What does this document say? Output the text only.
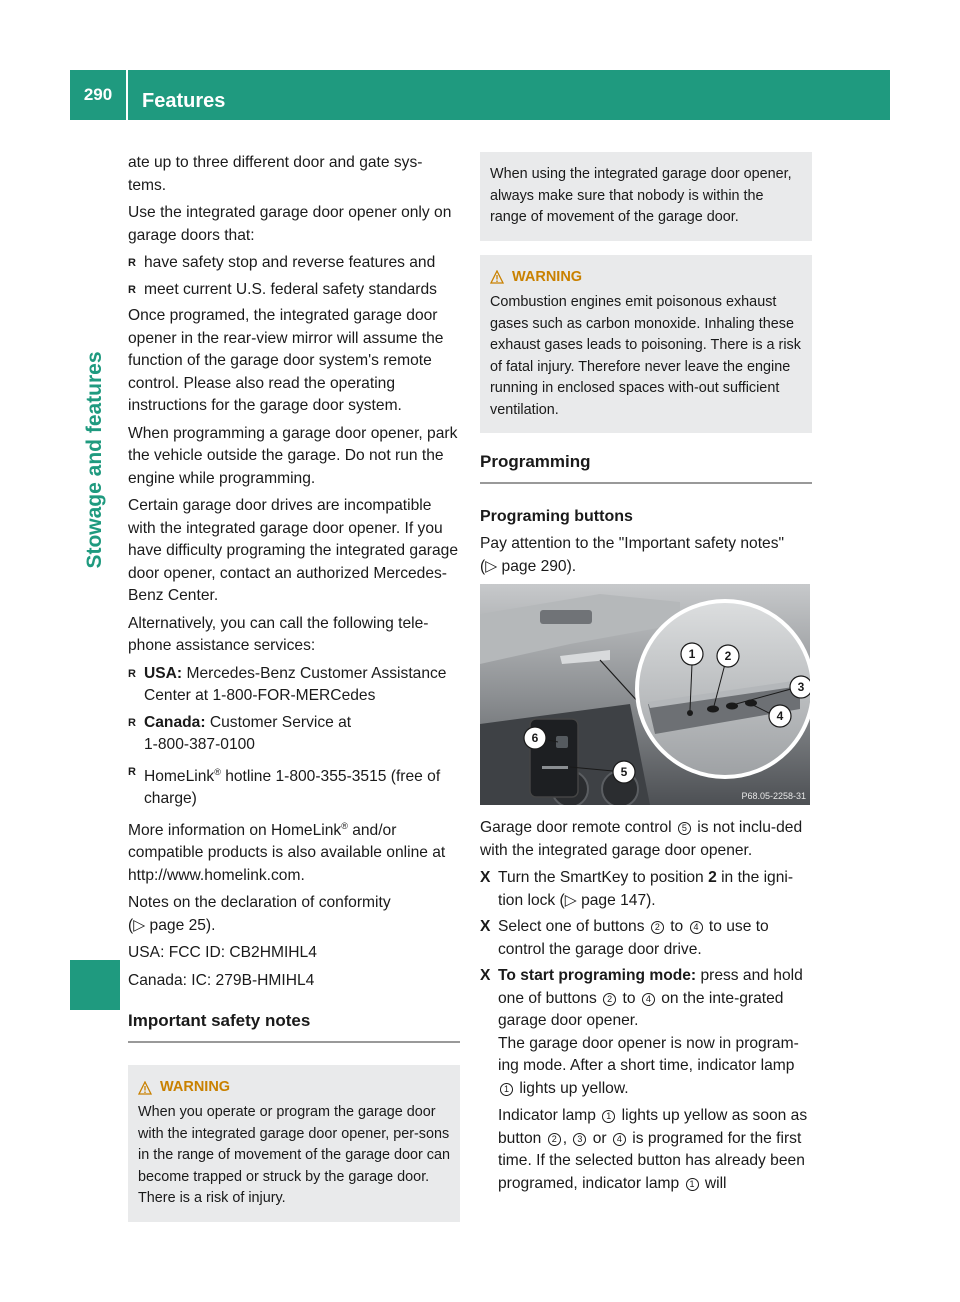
290	Features
Stowage and features

ate up to three different door and gate sys-tems.

Use the integrated garage door opener only on garage doors that:

R have safety stop and reverse features and
R meet current U.S. federal safety standards

Once programed, the integrated garage door opener in the rear-view mirror will assume the function of the garage door system's remote control. Please also read the operating instructions for the garage door system.

When programming a garage door opener, park the vehicle outside the garage. Do not run the engine while programming.

Certain garage door drives are incompatible with the integrated garage door opener. If you have difficulty programing the integrated garage door opener, contact an authorized Mercedes-Benz Center.

Alternatively, you can call the following tele-phone assistance services:

R USA: Mercedes-Benz Customer Assistance Center at 1-800-FOR-MERCedes
R Canada: Customer Service at
1-800-387-0100
R HomeLink® hotline 1-800-355-3515 (free of charge)

More information on HomeLink® and/or compatible products is also available online at http://www.homelink.com.

Notes on the declaration of conformity
(▷ page 25).

USA: FCC ID: CB2HMIHL4

Canada: IC: 279B-HMIHL4

Important safety notes
WARNING
When you operate or program the garage door with the integrated garage door opener, per-sons in the range of movement of the garage door can become trapped or struck by the garage door. There is a risk of injury.
When using the integrated garage door opener, always make sure that nobody is within the range of movement of the garage door.
WARNING
Combustion engines emit poisonous exhaust gases such as carbon monoxide. Inhaling these exhaust gases leads to poisoning. There is a risk of fatal injury. Therefore never leave the engine running in enclosed spaces with-out sufficient ventilation.
Programming
Programing buttons

Pay attention to the "Important safety notes"
(▷ page 290).

1 2
3
4
5
6
P68.05-2258-31

Garage door remote control 5 is not inclu-ded with the integrated garage door opener.

X Turn the SmartKey to position 2 in the igni-tion lock (▷ page 147).
X Select one of buttons 2 to 4 to use to control the garage door drive.
X To start programing mode: press and hold one of buttons 2 to 4 on the inte-grated garage door opener.
The garage door opener is now in program-ing mode. After a short time, indicator lamp 1 lights up yellow.
Indicator lamp 1 lights up yellow as soon as button 2 , 3 or 4 is programed for the first time. If the selected button has already been programed, indicator lamp 1 will
